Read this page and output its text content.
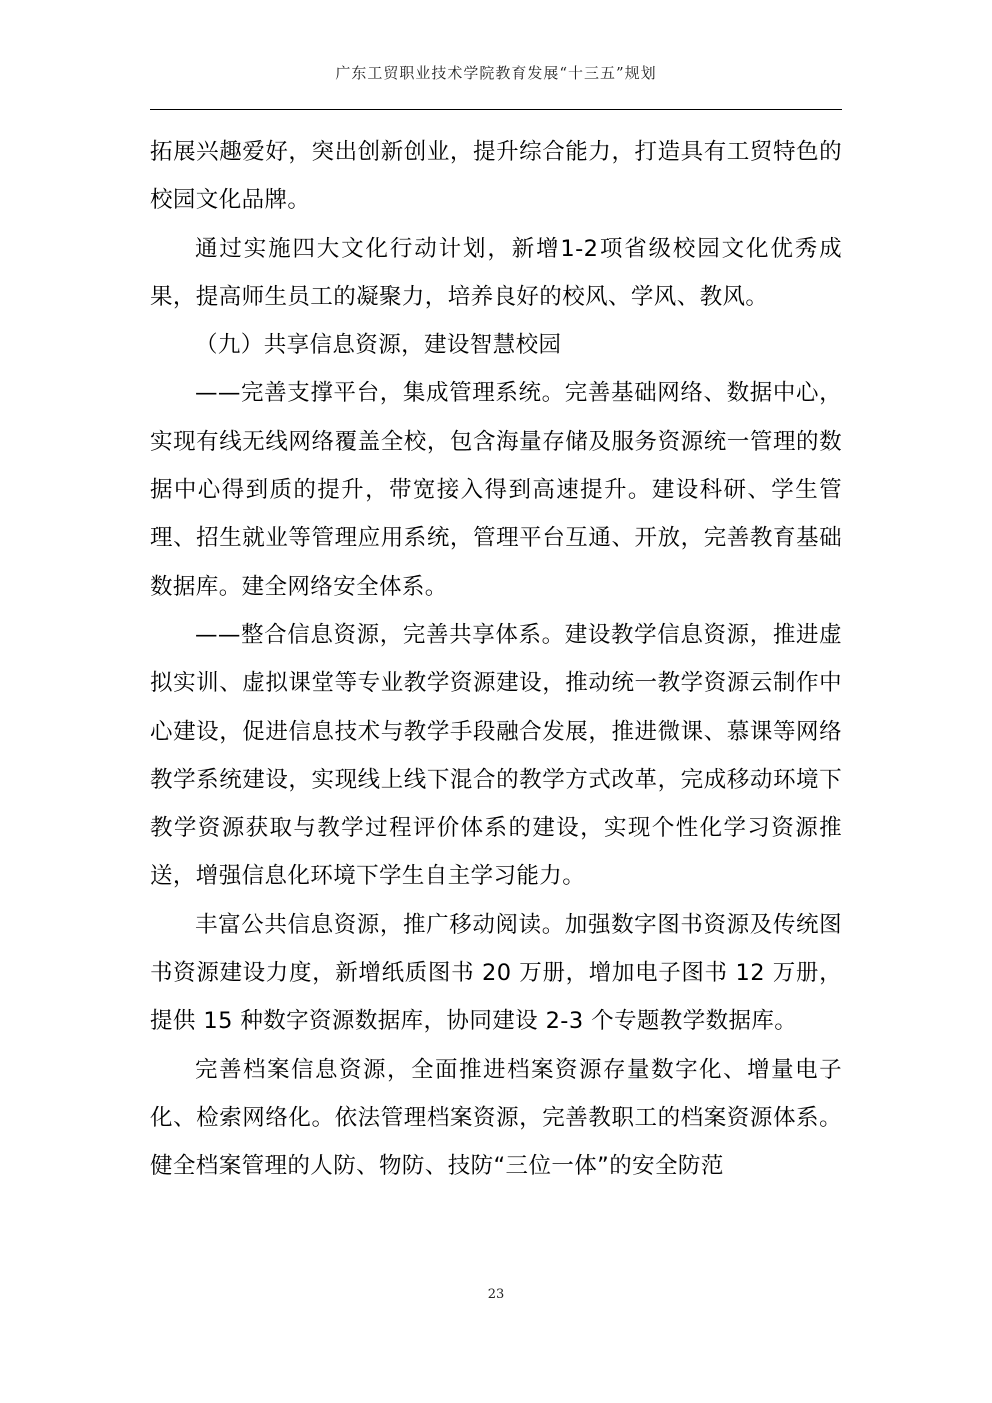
广东工贸职业技术学院教育发展“十三五”规划

拓展兴趣爱好，突出创新创业，提升综合能力，打造具有工贸特色的校园文化品牌。

通过实施四大文化行动计划，新增1-2项省级校园文化优秀成果，提高师生员工的凝聚力，培养良好的校风、学风、教风。

（九）共享信息资源，建设智慧校园

——完善支撑平台，集成管理系统。完善基础网络、数据中心，实现有线无线网络覆盖全校，包含海量存储及服务资源统一管理的数据中心得到质的提升，带宽接入得到高速提升。建设科研、学生管理、招生就业等管理应用系统，管理平台互通、开放，完善教育基础数据库。建全网络安全体系。

——整合信息资源，完善共享体系。建设教学信息资源，推进虚拟实训、虚拟课堂等专业教学资源建设，推动统一教学资源云制作中心建设，促进信息技术与教学手段融合发展，推进微课、慕课等网络教学系统建设，实现线上线下混合的教学方式改革，完成移动环境下教学资源获取与教学过程评价体系的建设，实现个性化学习资源推送，增强信息化环境下学生自主学习能力。

丰富公共信息资源，推广移动阅读。加强数字图书资源及传统图书资源建设力度，新增纸质图书 20 万册，增加电子图书 12 万册，提供 15 种数字资源数据库，协同建设 2-3 个专题教学数据库。

完善档案信息资源，全面推进档案资源存量数字化、增量电子化、检索网络化。依法管理档案资源，完善教职工的档案资源体系。健全档案管理的人防、物防、技防“三位一体”的安全防范

23
